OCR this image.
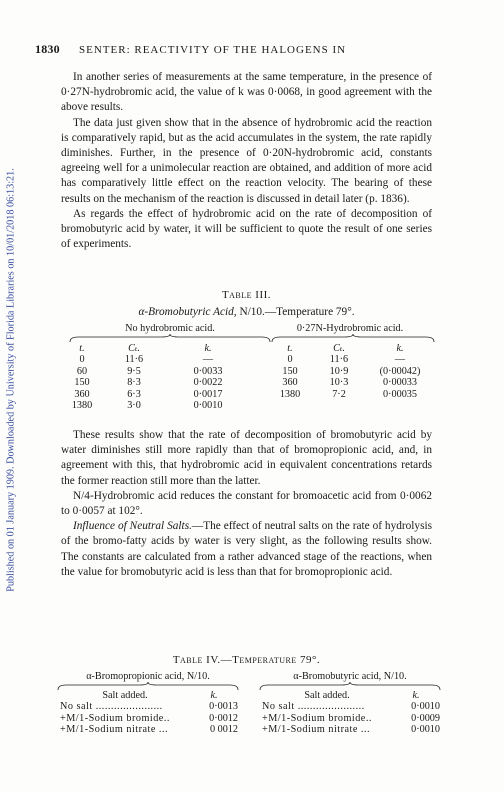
Published on 01 January 1909. Downloaded by University of Florida Libraries on 10/01/2018 06:13:21.
1830 SENTER: REACTIVITY OF THE HALOGENS IN

In another series of measurements at the same temperature, in the presence of 0·27N-hydrobromic acid, the value of k was 0·0068, in good agreement with the above results.

The data just given show that in the absence of hydrobromic acid the reaction is comparatively rapid, but as the acid accumulates in the system, the rate rapidly diminishes. Further, in the presence of 0·20N-hydrobromic acid, constants agreeing well for a unimolecular reaction are obtained, and addition of more acid has comparatively little effect on the reaction velocity. The bearing of these results on the mechanism of the reaction is discussed in detail later (p. 1836).

As regards the effect of hydrobromic acid on the rate of decomposition of bromobutyric acid by water, it will be sufficient to quote the result of one series of experiments.

Table III.
α-Bromobutyric Acid, N/10.—Temperature 79°.
No hydrobromic acid.	0·27N-Hydrobromic acid.
t.	Cₜ.	k.
0	11·6	—
60	9·5	0·0033
150	8·3	0·0022
360	6·3	0·0017
1380	3·0	0·0010
t.	Cₜ.	k.
0	11·6	—
150	10·9	(0·00042)
360	10·3	0·00033
1380	7·2	0·00035

These results show that the rate of decomposition of bromobutyric acid by water diminishes still more rapidly than that of bromopropionic acid, and, in agreement with this, that hydrobromic acid in equivalent concentrations retards the former reaction still more than the latter.

N/4-Hydrobromic acid reduces the constant for bromoacetic acid from 0·0062 to 0·0057 at 102°.

Influence of Neutral Salts.—The effect of neutral salts on the rate of hydrolysis of the bromo-fatty acids by water is very slight, as the following results show. The constants are calculated from a rather advanced stage of the reactions, when the value for bromobutyric acid is less than that for bromopropionic acid.

Table IV.—Temperature 79°.
α-Bromopropionic acid, N/10.	α-Bromobutyric acid, N/10.
Salt added.	k.
No salt ......................	0·0013
+M/1-Sodium bromide..	0·0012
+M/1-Sodium nitrate ...	0 0012
Salt added.	k.
No salt ......................	0·0010
+M/1-Sodium bromide..	0·0009
+M/1-Sodium nitrate ...	0·0010
